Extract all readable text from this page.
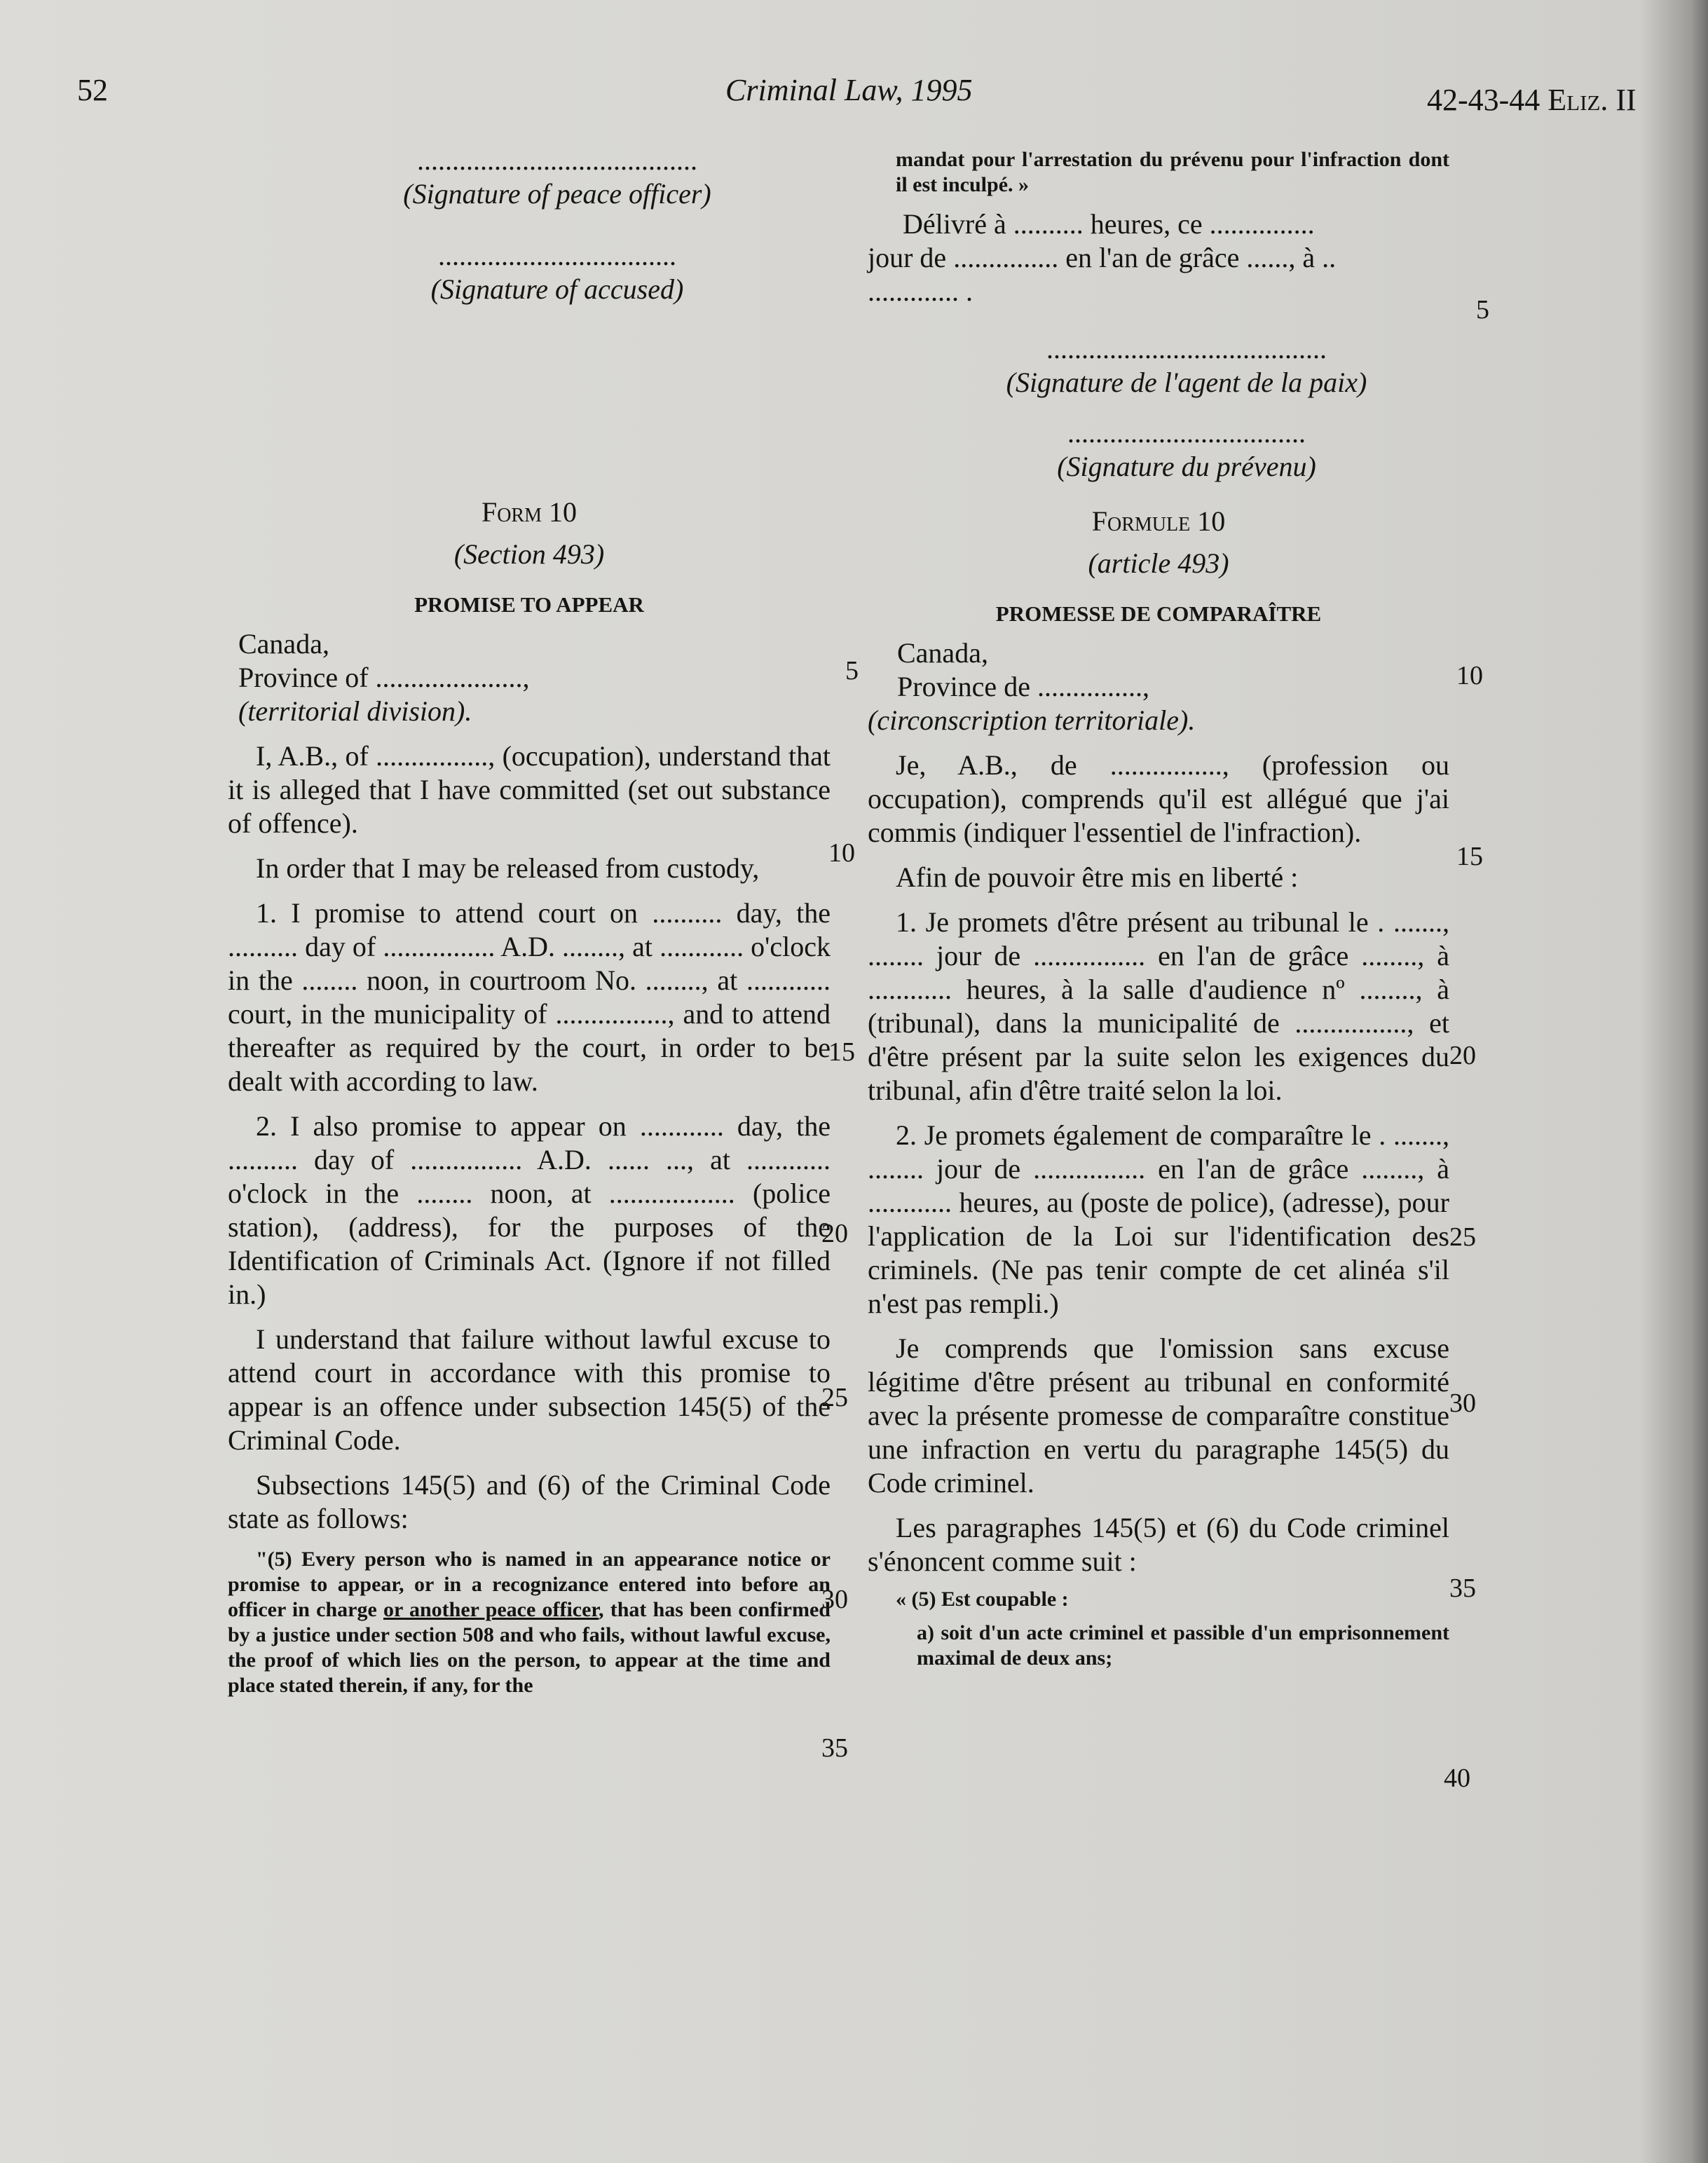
52	Criminal Law, 1995	42-43-44 Eliz. II

........................................

(Signature of peace officer)

..................................

(Signature of accused)

Form 10

(Section 493)

PROMISE TO APPEAR

Canada,

Province of .....................,

(territorial division).

I, A.B., of ................, (occupation), understand that it is alleged that I have committed (set out substance of offence).

In order that I may be released from custody,

1. I promise to attend court on .......... day, the .......... day of ................ A.D. ........, at ............ o'clock in the ........ noon, in courtroom No. ........, at ............ court, in the municipality of ................, and to attend thereafter as required by the court, in order to be dealt with according to law.

2. I also promise to appear on ............ day, the .......... day of ................ A.D. ...... ..., at ............ o'clock in the ........ noon, at .................. (police station), (address), for the purposes of the Identification of Criminals Act. (Ignore if not filled in.)

I understand that failure without lawful excuse to attend court in accordance with this promise to appear is an offence under subsection 145(5) of the Criminal Code.

Subsections 145(5) and (6) of the Criminal Code state as follows:

"(5) Every person who is named in an appearance notice or promise to appear, or in a recognizance entered into before an officer in charge or another peace officer, that has been confirmed by a justice under section 508 and who fails, without lawful excuse, the proof of which lies on the person, to appear at the time and place stated therein, if any, for the

mandat pour l'arrestation du prévenu pour l'infraction dont il est inculpé. »

Délivré à .......... heures, ce ...............

jour de ............... en l'an de grâce ......, à ..

............. .

........................................

(Signature de l'agent de la paix)

..................................

(Signature du prévenu)

Formule 10

(article 493)

PROMESSE DE COMPARAÎTRE

Canada,

Province de ...............,

(circonscription territoriale).

Je, A.B., de ................, (profession ou occupation), comprends qu'il est allégué que j'ai commis (indiquer l'essentiel de l'infraction).

Afin de pouvoir être mis en liberté :

1. Je promets d'être présent au tribunal le . ......., ........ jour de ................ en l'an de grâce ........, à ............ heures, à la salle d'audience nº ........, à (tribunal), dans la municipalité de ................, et d'être présent par la suite selon les exigences du tribunal, afin d'être traité selon la loi.

2. Je promets également de comparaître le . ......., ........ jour de ................ en l'an de grâce ........, à ............ heures, au (poste de police), (adresse), pour l'application de la Loi sur l'identification des criminels. (Ne pas tenir compte de cet alinéa s'il n'est pas rempli.)

Je comprends que l'omission sans excuse légitime d'être présent au tribunal en conformité avec la présente promesse de comparaître constitue une infraction en vertu du paragraphe 145(5) du Code criminel.

Les paragraphes 145(5) et (6) du Code criminel s'énoncent comme suit :

« (5) Est coupable :

a) soit d'un acte criminel et passible d'un emprisonnement maximal de deux ans;

5
5	10
10	15
15	20
20	25
25	30
30	35
35
40
